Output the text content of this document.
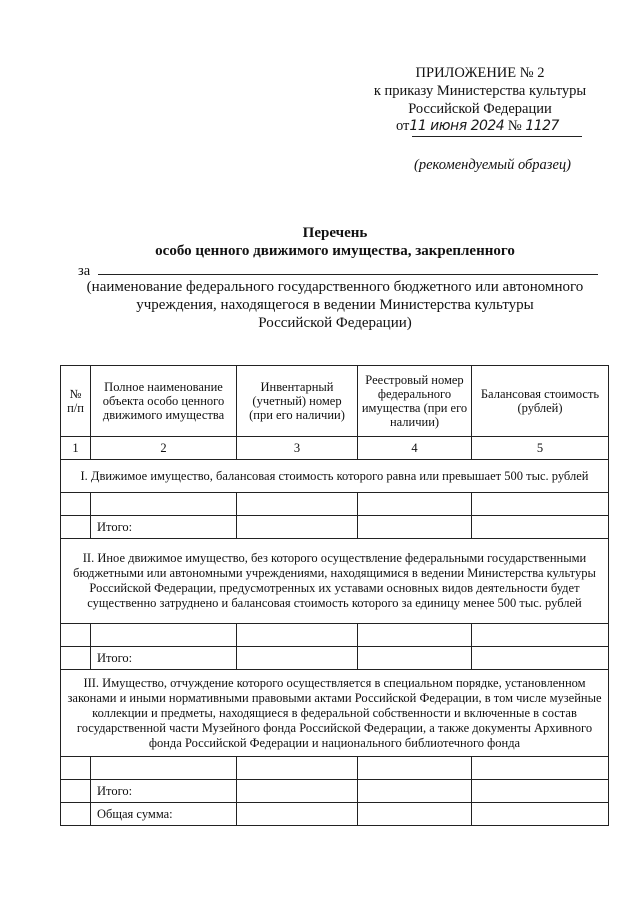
ПРИЛОЖЕНИЕ № 2
к приказу Министерства культуры
Российской Федерации
от11 июня 2024 № 1127
(рекомендуемый образец)
Перечень
особо ценного движимого имущества, закрепленного
за
(наименование федерального государственного бюджетного или автономного
учреждения, находящегося в ведении Министерства культуры
Российской Федерации)
№ п/п	Полное наименование объекта особо ценного движимого имущества	Инвентарный (учетный) номер (при его наличии)	Реестровый номер федерального имущества (при его наличии)	Балансовая стоимость (рублей)
1	2	3	4	5
I. Движимое имущество, балансовая стоимость которого равна или превышает 500 тыс. рублей				

	Итого:			
II. Иное движимое имущество, без которого осуществление федеральными государственными бюджетными или автономными учреждениями, находящимися в ведении Министерства культуры Российской Федерации, предусмотренных их уставами основных видов деятельности будет существенно затруднено и балансовая стоимость которого за единицу менее 500 тыс. рублей				

	Итого:			
III. Имущество, отчуждение которого осуществляется в специальном порядке, установленном законами и иными нормативными правовыми актами Российской Федерации, в том числе музейные коллекции и предметы, находящиеся в федеральной собственности и включенные в состав государственной части Музейного фонда Российской Федерации, а также документы Архивного фонда Российской Федерации и национального библиотечного фонда				

	Итого:			
	Общая сумма:			
